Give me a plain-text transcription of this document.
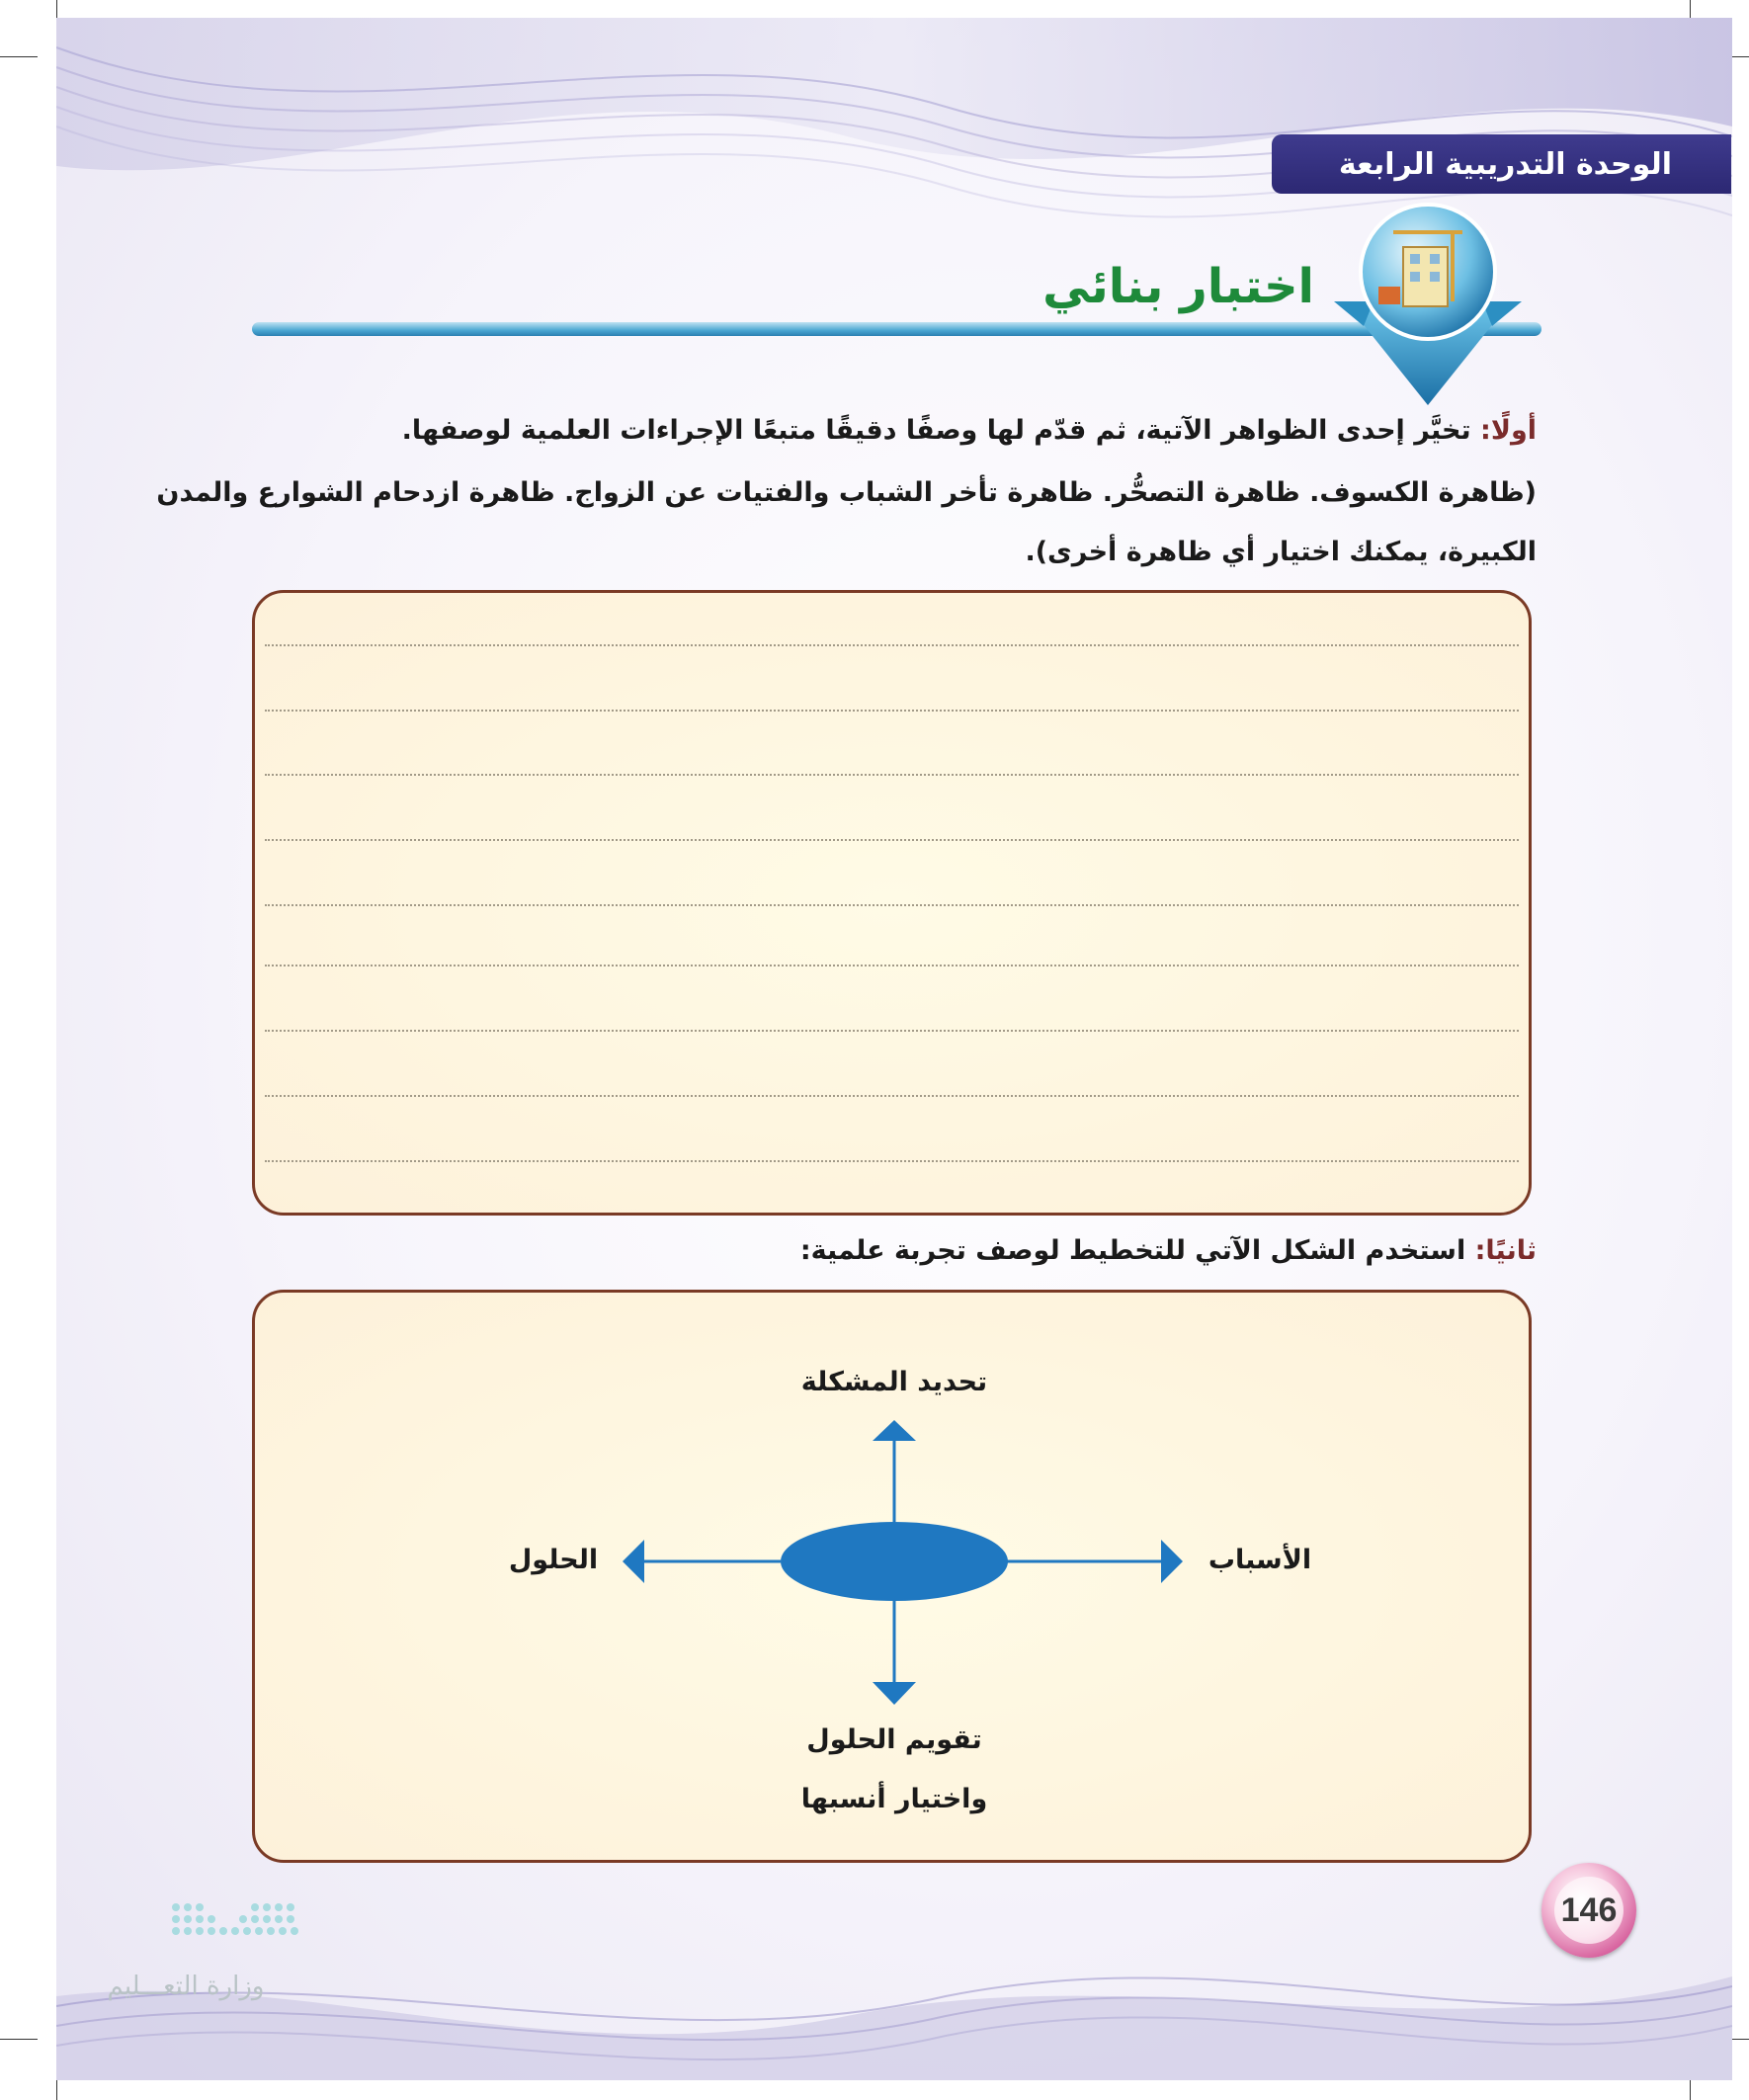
الوحدة التدريبية الرابعة
اختبار بنائي
أولًا: تخيَّر إحدى الظواهر الآتية، ثم قدّم لها وصفًا دقيقًا متبعًا الإجراءات العلمية لوصفها.
(ظاهرة الكسوف. ظاهرة التصحُّر. ظاهرة تأخر الشباب والفتيات عن الزواج. ظاهرة ازدحام الشوارع والمدن
الكبيرة، يمكنك اختيار أي ظاهرة أخرى).
ثانيًا: استخدم الشكل الآتي للتخطيط لوصف تجربة علمية:
تحديد المشكلة
الأسباب
الحلول
تقويم الحلول
واختيار أنسبها
146
وزارة التعـــليم
